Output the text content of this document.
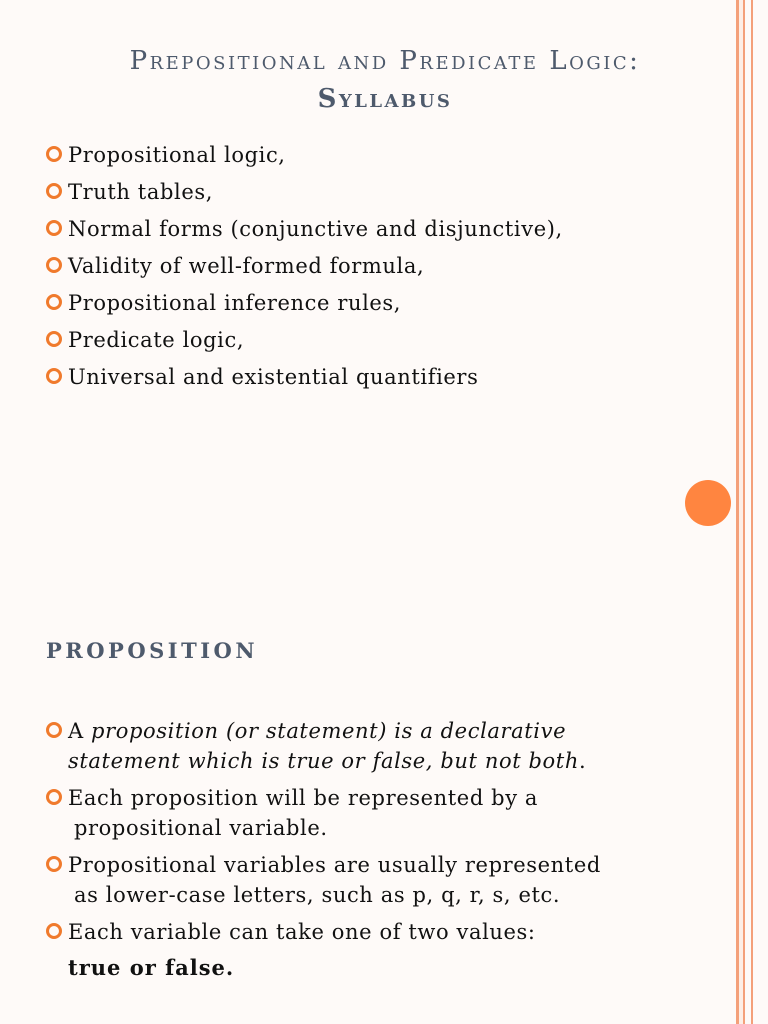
Prepositional and Predicate Logic:
Syllabus
Propositional logic,
Truth tables,
Normal forms (conjunctive and disjunctive),
Validity of well-formed formula,
Propositional inference rules,
Predicate logic,
Universal and existential quantifiers
PROPOSITION
A proposition (or statement) is a declarative
statement which is true or false, but not both.
Each proposition will be represented by a
propositional variable.
Propositional variables are usually represented
as lower-case letters, such as p, q, r, s, etc.
Each variable can take one of two values:
true or false.
